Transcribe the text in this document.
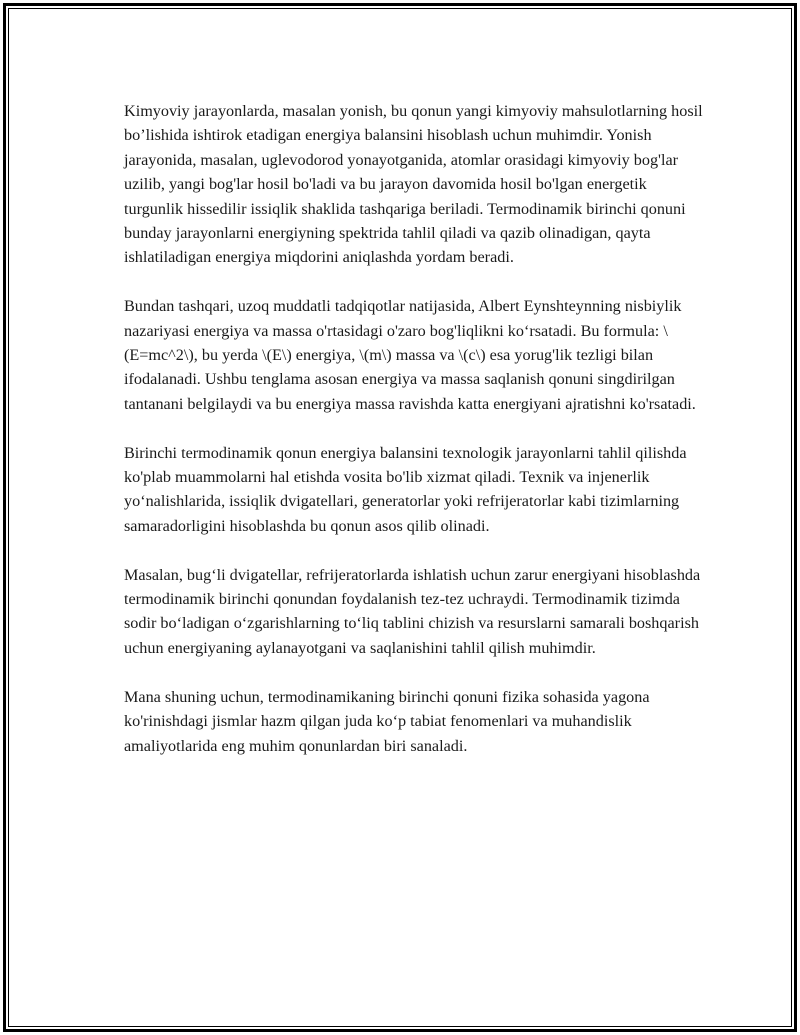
Kimyoviy jarayonlarda, masalan yonish, bu qonun yangi kimyoviy mahsulotlarning hosil bo’lishida ishtirok etadigan energiya balansini hisoblash uchun muhimdir. Yonish jarayonida, masalan, uglevodorod yonayotganida, atomlar orasidagi kimyoviy bog'lar uzilib, yangi bog'lar hosil bo'ladi va bu jarayon davomida hosil bo'lgan energetik turgunlik hissedilir issiqlik shaklida tashqariga beriladi. Termodinamik birinchi qonuni bunday jarayonlarni energiyning spektrida tahlil qiladi va qazib olinadigan, qayta ishlatiladigan energiya miqdorini aniqlashda yordam beradi.

Bundan tashqari, uzoq muddatli tadqiqotlar natijasida, Albert Eynshteynning nisbiylik nazariyasi energiya va massa o'rtasidagi o'zaro bog'liqlikni ko‘rsatadi. Bu formula: \(E=mc^2\), bu yerda \(E\) energiya, \(m\) massa va \(c\) esa yorug'lik tezligi bilan ifodalanadi. Ushbu tenglama asosan energiya va massa saqlanish qonuni singdirilgan tantanani belgilaydi va bu energiya massa ravishda katta energiyani ajratishni ko'rsatadi.

Birinchi termodinamik qonun energiya balansini texnologik jarayonlarni tahlil qilishda ko'plab muammolarni hal etishda vosita bo'lib xizmat qiladi. Texnik va injenerlik yo‘nalishlarida, issiqlik dvigatellari, generatorlar yoki refrijeratorlar kabi tizimlarning samaradorligini hisoblashda bu qonun asos qilib olinadi.

Masalan, bug‘li dvigatellar, refrijeratorlarda ishlatish uchun zarur energiyani hisoblashda termodinamik birinchi qonundan foydalanish tez-tez uchraydi. Termodinamik tizimda sodir bo‘ladigan o‘zgarishlarning to‘liq tablini chizish va resurslarni samarali boshqarish uchun energiyaning aylanayotgani va saqlanishini tahlil qilish muhimdir.

Mana shuning uchun, termodinamikaning birinchi qonuni fizika sohasida yagona ko'rinishdagi jismlar hazm qilgan juda ko‘p tabiat fenomenlari va muhandislik amaliyotlarida eng muhim qonunlardan biri sanaladi.
